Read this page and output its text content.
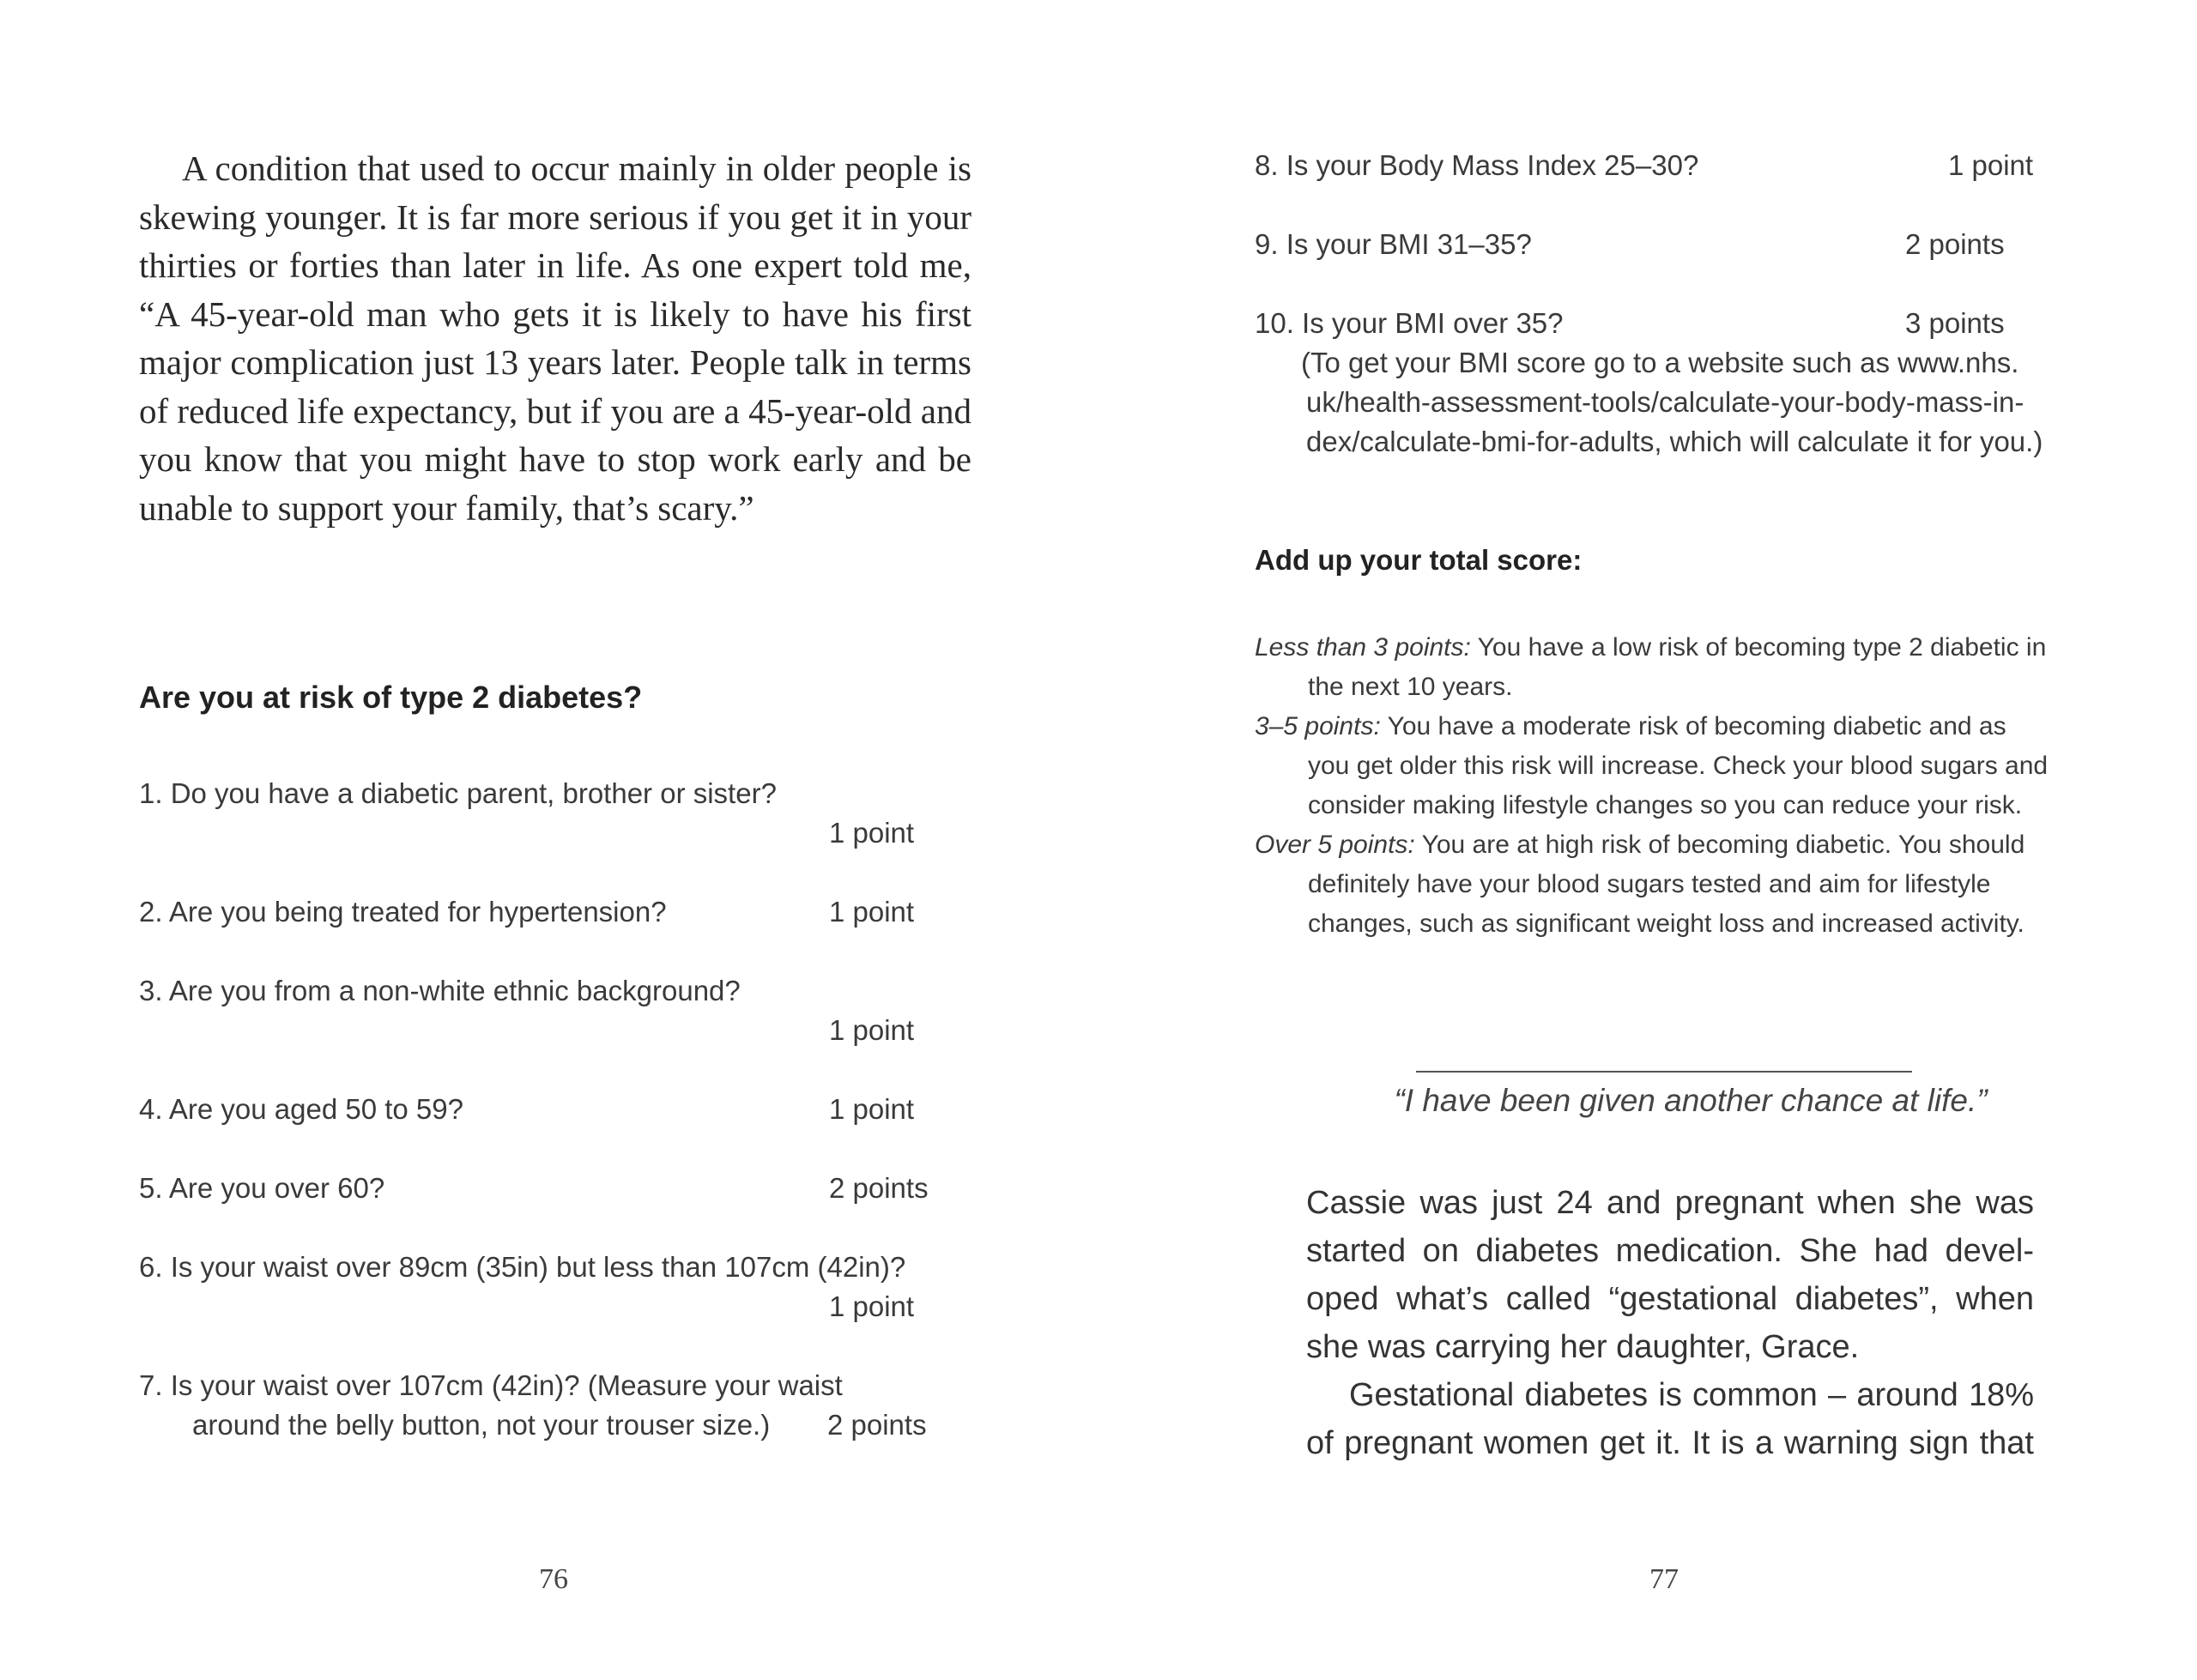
A condition that used to occur mainly in older people is skewing younger. It is far more serious if you get it in your thirties or forties than later in life. As one expert told me, “A 45-year-old man who gets it is likely to have his first major complication just 13 years later. People talk in terms of reduced life expectancy, but if you are a 45-year-old and you know that you might have to stop work early and be unable to support your family, that’s scary.”

Are you at risk of type 2 diabetes?
1. Do you have a diabetic parent, brother or sister?
1 point
2. Are you being treated for hypertension?	1 point
3. Are you from a non-white ethnic background?
1 point
4. Are you aged 50 to 59?	1 point
5. Are you over 60?	2 points
6. Is your waist over 89cm (35in) but less than 107cm (42in)?
1 point
7. Is your waist over 107cm (42in)? (Measure your waist
around the belly button, not your trouser size.) 2 points
76
8. Is your Body Mass Index 25–30?	1 point
9. Is your BMI 31–35?	2 points
10. Is your BMI over 35?	3 points
(To get your BMI score go to a website such as www.nhs.
uk/health-assessment-tools/calculate-your-body-mass-in-
dex/calculate-bmi-for-adults, which will calculate it for you.)
Add up your total score:
Less than 3 points: You have a low risk of becoming type 2 diabetic in
the next 10 years.
3–5 points: You have a moderate risk of becoming diabetic and as
you get older this risk will increase. Check your blood sugars and
consider making lifestyle changes so you can reduce your risk.
Over 5 points: You are at high risk of becoming diabetic. You should
definitely have your blood sugars tested and aim for lifestyle
changes, such as significant weight loss and increased activity.
“I have been given another chance at life.”

Cassie was just 24 and pregnant when she was

started on diabetes medication. She had devel-

oped what’s called “gestational diabetes”, when

she was carrying her daughter, Grace.

Gestational diabetes is common – around 18%

of pregnant women get it. It is a warning sign that

77
